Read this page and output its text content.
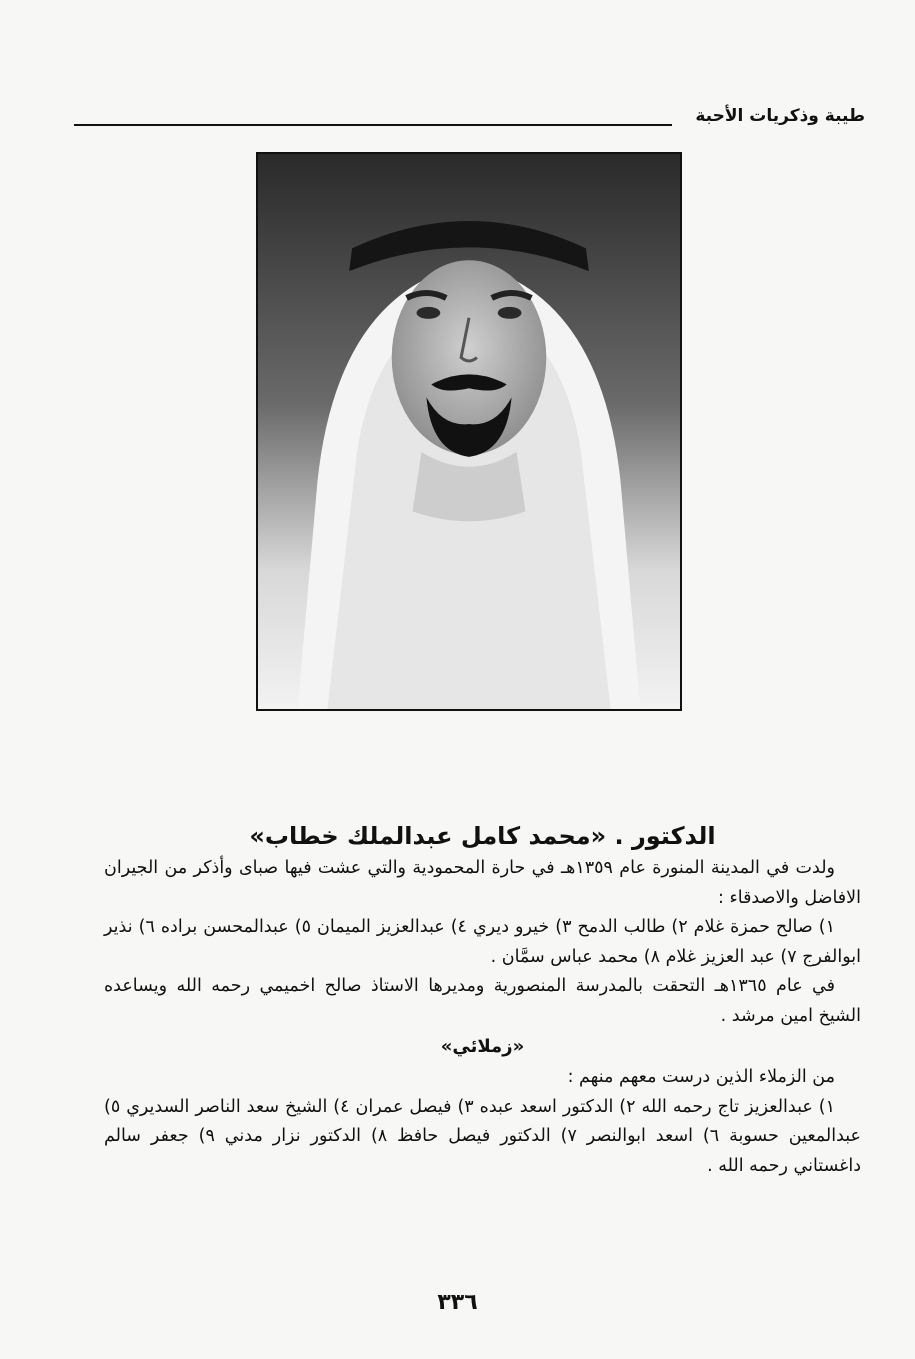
طيبة وذكريات الأحبة
الدكتور . «محمد كامل عبدالملك خطاب»

ولدت في المدينة المنورة عام ١٣٥٩هـ في حارة المحمودية والتي عشت فيها صباى وأذكر من الجيران الافاضل والاصدقاء :

١) صالح حمزة غلام ٢) طالب الدمح ٣) خيرو ديري ٤) عبدالعزيز الميمان ٥) عبدالمحسن براده ٦) نذير ابوالفرج ٧) عبد العزيز غلام ٨) محمد عباس سمَّان .

في عام ١٣٦٥هـ التحقت بالمدرسة المنصورية ومديرها الاستاذ صالح اخميمي رحمه الله ويساعده الشيخ امين مرشد .

«زملائي»

من الزملاء الذين درست معهم منهم :

١) عبدالعزيز تاج رحمه الله ٢) الدكتور اسعد عبده ٣) فيصل عمران ٤) الشيخ سعد الناصر السديري ٥) عبدالمعين حسوبة ٦) اسعد ابوالنصر ٧) الدكتور فيصل حافظ ٨) الدكتور نزار مدني ٩) جعفر سالم داغستاني رحمه الله .

٣٣٦
